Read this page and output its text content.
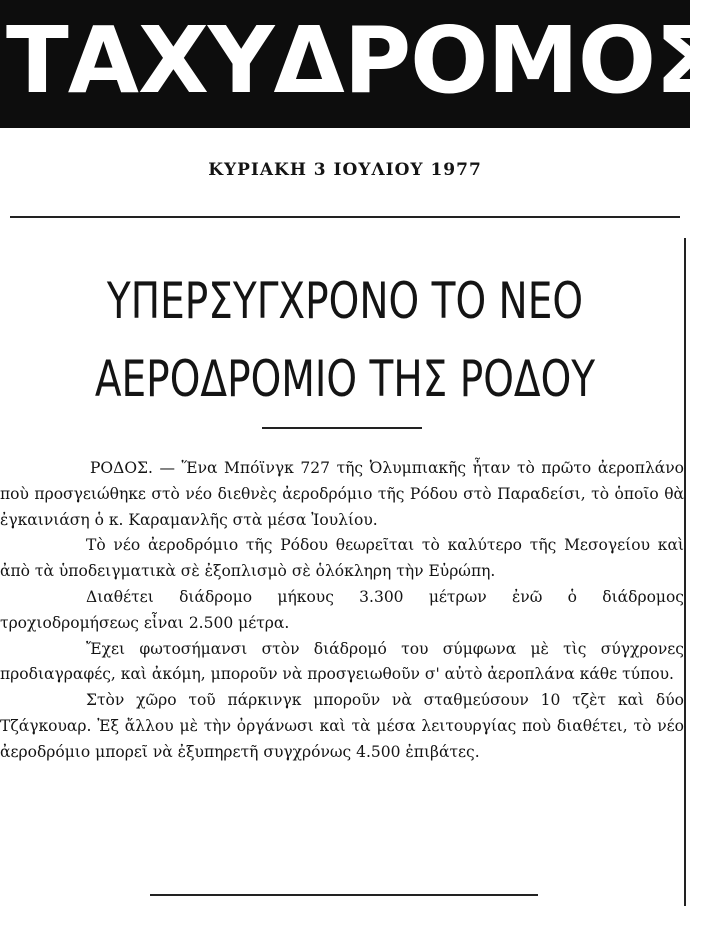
ΤΑΧΥΔΡΟΜΟΣ
ΚΥΡΙΑΚΗ 3 ΙΟΥΛΙΟΥ 1977
ΥΠΕΡΣΥΓΧΡΟΝΟ ΤΟ ΝΕΟ
ΑΕΡΟΔΡΟΜΙΟ ΤΗΣ ΡΟΔΟΥ

ΡΟΔΟΣ. — Ἕνα Μπόϊνγκ 727 τῆς Ὀλυμπιακῆς ἦταν τὸ πρῶτο ἀεροπλάνο ποὺ προσγειώθηκε στὸ νέο διεθνὲς ἀεροδρόμιο τῆς Ρόδου στὸ Παραδείσι, τὸ ὁποῖο θὰ ἐγκαινιάση ὁ κ. Καραμανλῆς στὰ μέσα Ἰουλίου.

Τὸ νέο ἀεροδρόμιο τῆς Ρόδου θεωρεῖται τὸ καλύτερο τῆς Μεσογείου καὶ ἀπὸ τὰ ὑποδειγματικὰ σὲ ἐξοπλισμὸ σὲ ὁλόκληρη τὴν Εὐρώπη.

Διαθέτει διάδρομο μήκους 3.300 μέτρων ἐνῶ ὁ διάδρομος τροχιοδρομήσεως εἶναι 2.500 μέτρα.

Ἔχει φωτοσήμανσι στὸν διάδρομό του σύμφωνα μὲ τὶς σύγχρονες προδιαγραφές, καὶ ἀκόμη, μποροῦν νὰ προσγειωθοῦν σ' αὐτὸ ἀεροπλάνα κάθε τύπου.

Στὸν χῶρο τοῦ πάρκινγκ μποροῦν νὰ σταθμεύσουν 10 τζὲτ καὶ δύο Τζάγκουαρ. Ἐξ ἄλλου μὲ τὴν ὀργάνωσι καὶ τὰ μέσα λειτουργίας ποὺ διαθέτει, τὸ νέο ἀεροδρόμιο μπορεῖ νὰ ἐξυπηρετῆ συγχρόνως 4.500 ἐπιβάτες.
